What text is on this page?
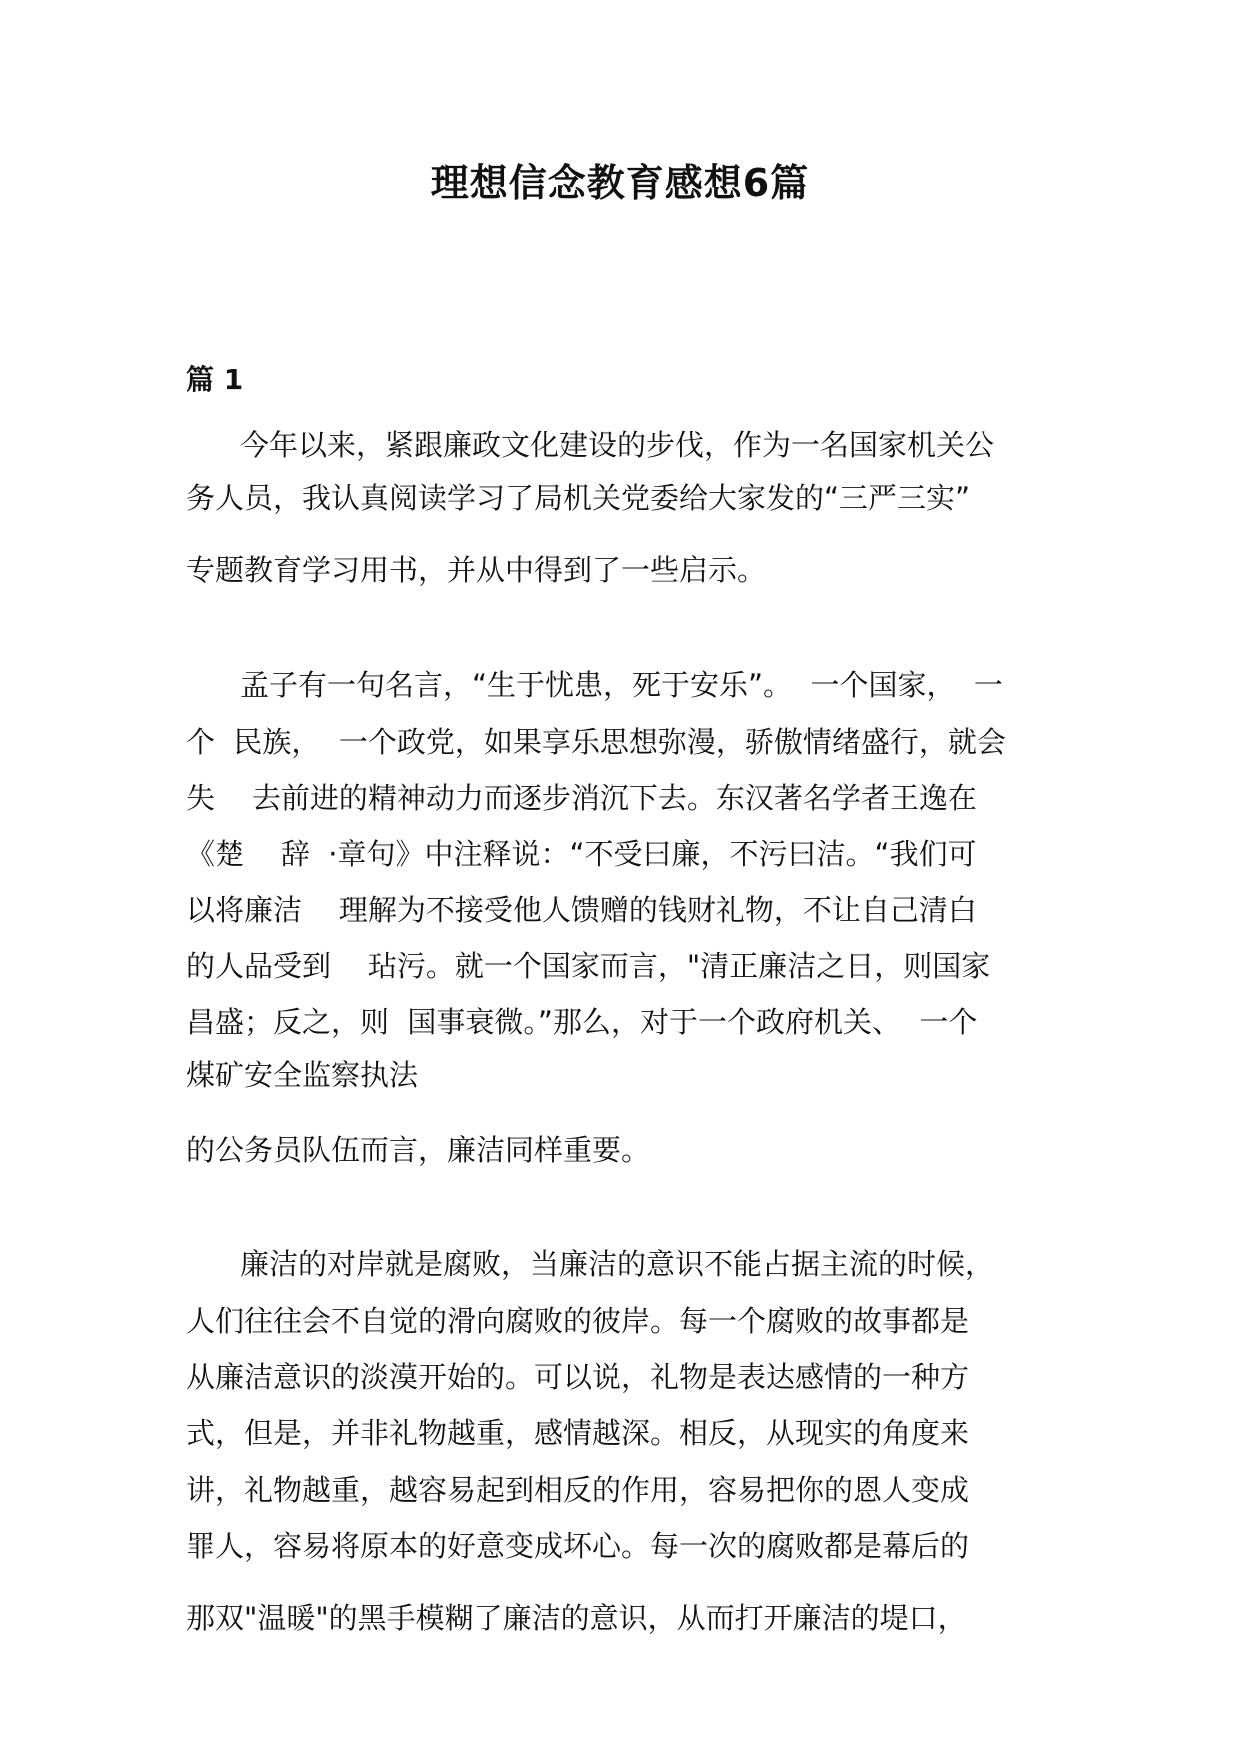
理想信念教育感想6篇
篇 1
今年以来，紧跟廉政文化建设的步伐，作为一名国家机关公
务人员，我认真阅读学习了局机关党委给大家发的“三严三实”
专题教育学习用书，并从中得到了一些启示。
孟子有一句名言，“生于忧患，死于安乐”。  一个国家，  一
个  民族，  一个政党，如果享乐思想弥漫，骄傲情绪盛行，就会
失    去前进的精神动力而逐步消沉下去。东汉著名学者王逸在
《楚    辞  ·章句》中注释说：“不受曰廉，不污曰洁。“我们可
以将廉洁    理解为不接受他人馈赠的钱财礼物，不让自己清白
的人品受到    玷污。就一个国家而言，"清正廉洁之日，则国家
昌盛；反之，则  国事衰微。”那么，对于一个政府机关、  一个
煤矿安全监察执法
的公务员队伍而言，廉洁同样重要。
廉洁的对岸就是腐败，当廉洁的意识不能占据主流的时候，
人们往往会不自觉的滑向腐败的彼岸。每一个腐败的故事都是
从廉洁意识的淡漠开始的。可以说，礼物是表达感情的一种方
式，但是，并非礼物越重，感情越深。相反，从现实的角度来
讲，礼物越重，越容易起到相反的作用，容易把你的恩人变成
罪人，容易将原本的好意变成坏心。每一次的腐败都是幕后的
那双"温暖"的黑手模糊了廉洁的意识，从而打开廉洁的堤口，
